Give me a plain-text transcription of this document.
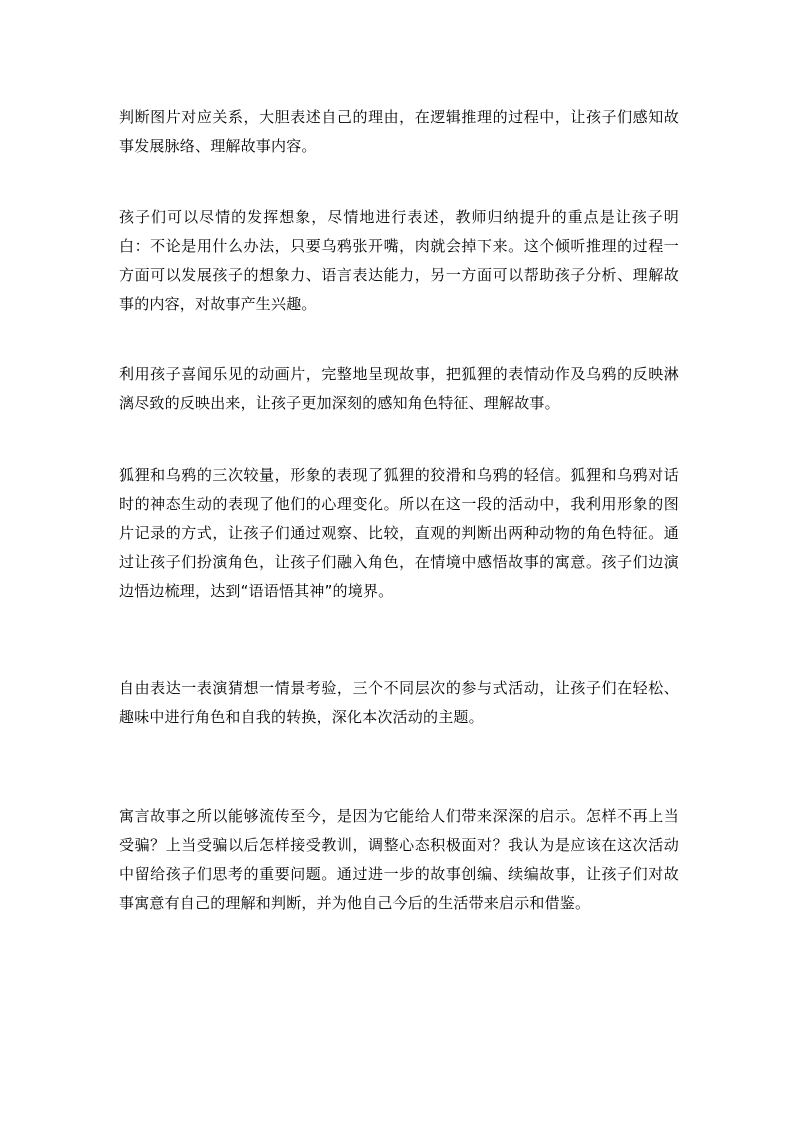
判断图片对应关系，大胆表述自己的理由，在逻辑推理的过程中，让孩子们感知故事发展脉络、理解故事内容。

孩子们可以尽情的发挥想象，尽情地进行表述，教师归纳提升的重点是让孩子明白：不论是用什么办法，只要乌鸦张开嘴，肉就会掉下来。这个倾听推理的过程一方面可以发展孩子的想象力、语言表达能力，另一方面可以帮助孩子分析、理解故事的内容，对故事产生兴趣。

利用孩子喜闻乐见的动画片，完整地呈现故事，把狐狸的表情动作及乌鸦的反映淋漓尽致的反映出来，让孩子更加深刻的感知角色特征、理解故事。

狐狸和乌鸦的三次较量，形象的表现了狐狸的狡滑和乌鸦的轻信。狐狸和乌鸦对话时的神态生动的表现了他们的心理变化。所以在这一段的活动中，我利用形象的图片记录的方式，让孩子们通过观察、比较，直观的判断出两种动物的角色特征。通过让孩子们扮演角色，让孩子们融入角色，在情境中感悟故事的寓意。孩子们边演边悟边梳理，达到“语语悟其神”的境界。

自由表达一表演猜想一情景考验，三个不同层次的参与式活动，让孩子们在轻松、趣味中进行角色和自我的转换，深化本次活动的主题。

寓言故事之所以能够流传至今，是因为它能给人们带来深深的启示。怎样不再上当受骗？上当受骗以后怎样接受教训，调整心态积极面对？我认为是应该在这次活动中留给孩子们思考的重要问题。通过进一步的故事创编、续编故事，让孩子们对故事寓意有自己的理解和判断，并为他自己今后的生活带来启示和借鉴。
